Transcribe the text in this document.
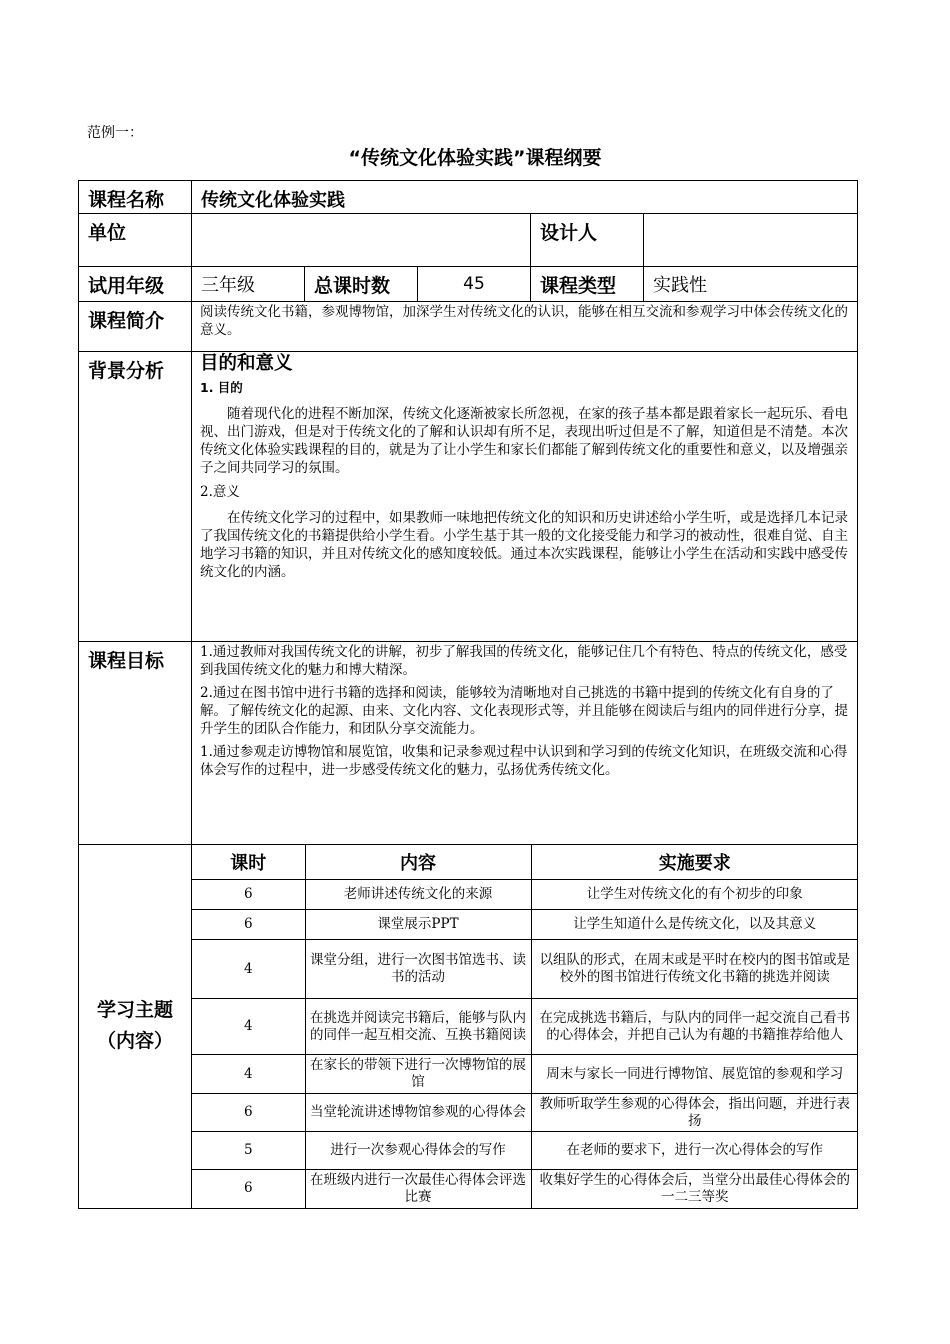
范例一：
“传统文化体验实践”课程纲要
课程名称	传统文化体验实践
单位		设计人	
试用年级	三年级	总课时数	45	课程类型	实践性
课程简介	阅读传统文化书籍，参观博物馆，加深学生对传统文化的认识，能够在相互交流和参观学习中体会传统文化的意义。
背景分析	目的和意义
1. 目的

随着现代化的进程不断加深，传统文化逐渐被家长所忽视，在家的孩子基本都是跟着家长一起玩乐、看电视、出门游戏，但是对于传统文化的了解和认识却有所不足，表现出听过但是不了解，知道但是不清楚。本次传统文化体验实践课程的目的，就是为了让小学生和家长们都能了解到传统文化的重要性和意义，以及增强亲子之间共同学习的氛围。

2.意义

在传统文化学习的过程中，如果教师一味地把传统文化的知识和历史讲述给小学生听，或是选择几本记录了我国传统文化的书籍提供给小学生看。小学生基于其一般的文化接受能力和学习的被动性，很难自觉、自主地学习书籍的知识，并且对传统文化的感知度较低。通过本次实践课程，能够让小学生在活动和实践中感受传统文化的内涵。

课程目标	1.通过教师对我国传统文化的讲解，初步了解我国的传统文化，能够记住几个有特色、特点的传统文化，感受到我国传统文化的魅力和博大精深。

2.通过在图书馆中进行书籍的选择和阅读，能够较为清晰地对自己挑选的书籍中提到的传统文化有自身的了解。了解传统文化的起源、由来、文化内容、文化表现形式等，并且能够在阅读后与组内的同伴进行分享，提升学生的团队合作能力，和团队分享交流能力。

1.通过参观走访博物馆和展览馆，收集和记录参观过程中认识到和学习到的传统文化知识，在班级交流和心得体会写作的过程中，进一步感受传统文化的魅力，弘扬优秀传统文化。

学习主题
（内容）

课时	内容	实施要求
6	老师讲述传统文化的来源	让学生对传统文化的有个初步的印象
6	课堂展示PPT	让学生知道什么是传统文化，以及其意义
4	课堂分组，进行一次图书馆选书、读书的活动	以组队的形式，在周末或是平时在校内的图书馆或是校外的图书馆进行传统文化书籍的挑选并阅读
4	在挑选并阅读完书籍后，能够与队内的同伴一起互相交流、互换书籍阅读	在完成挑选书籍后，与队内的同伴一起交流自己看书的心得体会，并把自己认为有趣的书籍推荐给他人
4	在家长的带领下进行一次博物馆的展馆	周末与家长一同进行博物馆、展览馆的参观和学习
6	当堂轮流讲述博物馆参观的心得体会	教师听取学生参观的心得体会，指出问题，并进行表扬
5	进行一次参观心得体会的写作	在老师的要求下，进行一次心得体会的写作
6	在班级内进行一次最佳心得体会评选比赛	收集好学生的心得体会后，当堂分出最佳心得体会的一二三等奖
